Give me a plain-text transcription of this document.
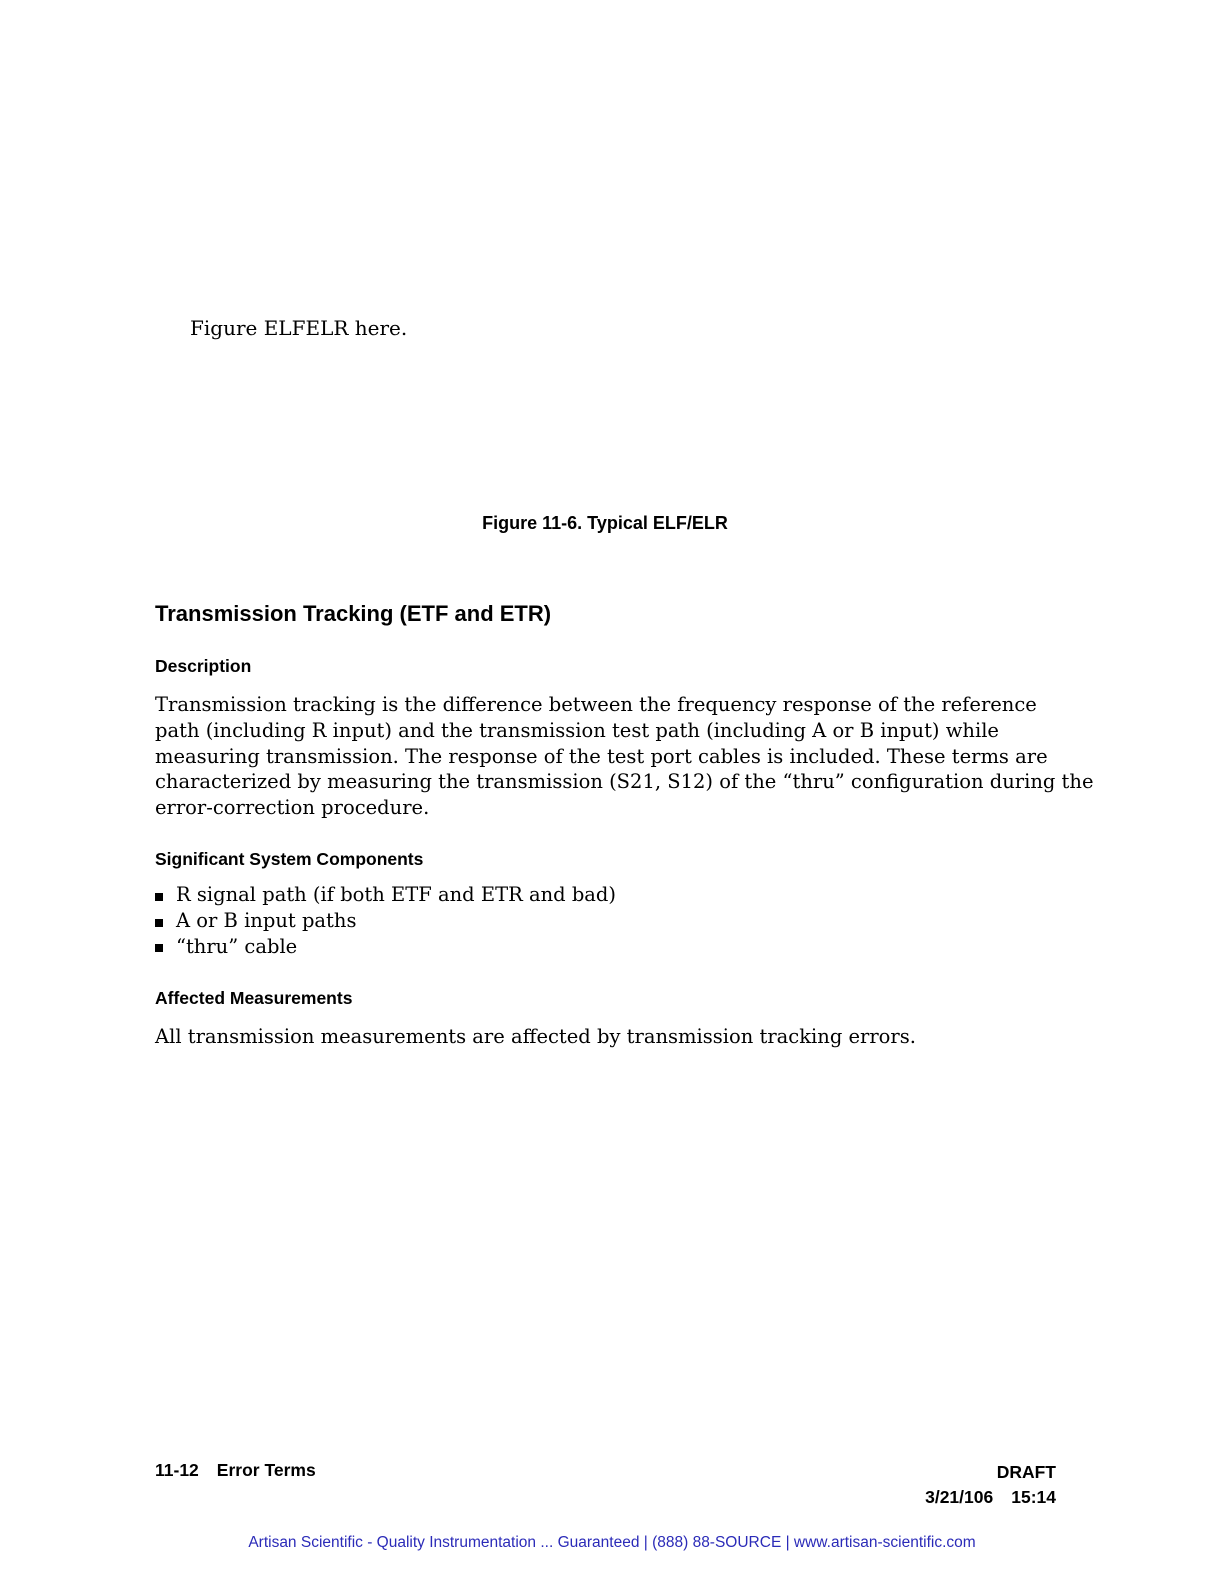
Figure ELFELR here.
Figure 11-6. Typical ELF/ELR
Transmission Tracking (ETF and ETR)
Description
Transmission tracking is the difference between the frequency response of the reference
path (including R input) and the transmission test path (including A or B input) while
measuring transmission. The response of the test port cables is included. These terms are
characterized by measuring the transmission (S21, S12) of the “thru” configuration during the
error-correction procedure.
Significant System Components
R signal path (if both ETF and ETR and bad)
A or B input paths
“thru” cable
Affected Measurements
All transmission measurements are affected by transmission tracking errors.
11-12 Error Terms	DRAFT
3/21/106 15:14
Artisan Scientific - Quality Instrumentation ... Guaranteed | (888) 88-SOURCE | www.artisan-scientific.com
